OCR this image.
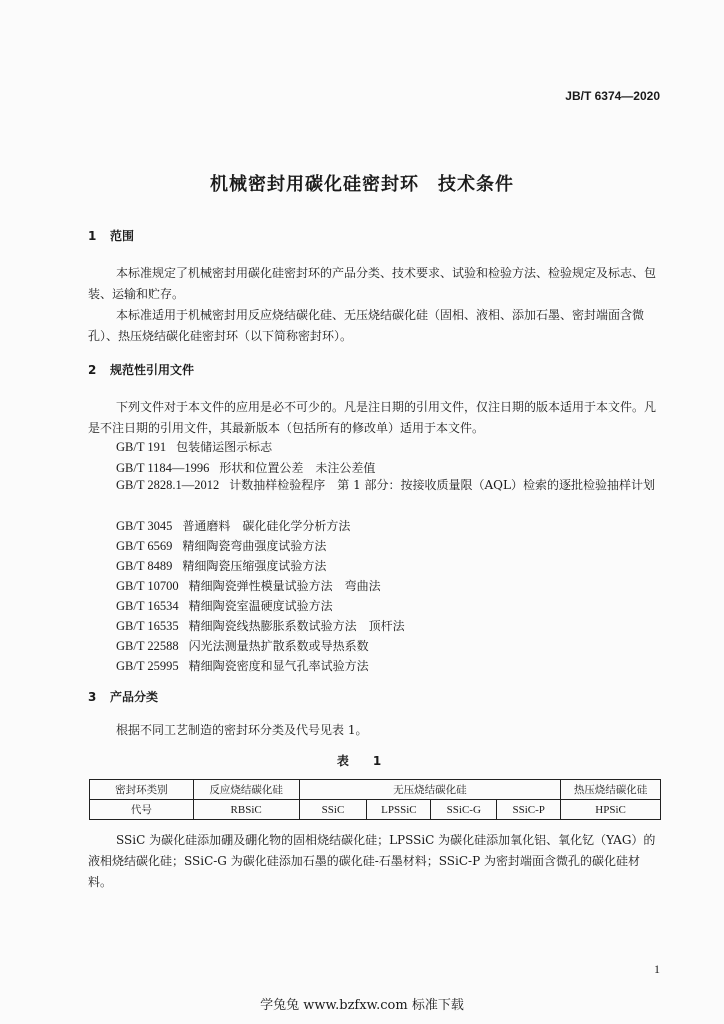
JB/T 6374—2020
机械密封用碳化硅密封环　技术条件
1 范围
本标准规定了机械密封用碳化硅密封环的产品分类、技术要求、试验和检验方法、检验规定及标志、包装、运输和贮存。
本标准适用于机械密封用反应烧结碳化硅、无压烧结碳化硅（固相、液相、添加石墨、密封端面含微孔）、热压烧结碳化硅密封环（以下简称密封环）。
2 规范性引用文件
下列文件对于本文件的应用是必不可少的。凡是注日期的引用文件，仅注日期的版本适用于本文件。凡是不注日期的引用文件，其最新版本（包括所有的修改单）适用于本文件。
GB/T 191 包装储运图示标志
GB/T 1184—1996 形状和位置公差　未注公差值
GB/T 2828.1—2012 计数抽样检验程序　第 1 部分：按接收质量限（AQL）检索的逐批检验抽样计划
GB/T 3045 普通磨料　碳化硅化学分析方法
GB/T 6569 精细陶瓷弯曲强度试验方法
GB/T 8489 精细陶瓷压缩强度试验方法
GB/T 10700 精细陶瓷弹性模量试验方法　弯曲法
GB/T 16534 精细陶瓷室温硬度试验方法
GB/T 16535 精细陶瓷线热膨胀系数试验方法　顶杆法
GB/T 22588 闪光法测量热扩散系数或导热系数
GB/T 25995 精细陶瓷密度和显气孔率试验方法
3 产品分类
根据不同工艺制造的密封环分类及代号见表 1。
表　1
密封环类别	反应烧结碳化硅	无压烧结碳化硅				热压烧结碳化硅
代号	RBSiC	SSiC	LPSSiC	SSiC-G	SSiC-P	HPSiC
SSiC 为碳化硅添加硼及硼化物的固相烧结碳化硅；LPSSiC 为碳化硅添加氧化铝、氧化钇（YAG）的液相烧结碳化硅；SSiC-G 为碳化硅添加石墨的碳化硅-石墨材料；SSiC-P 为密封端面含微孔的碳化硅材料。
1
学兔兔 www.bzfxw.com 标准下载
